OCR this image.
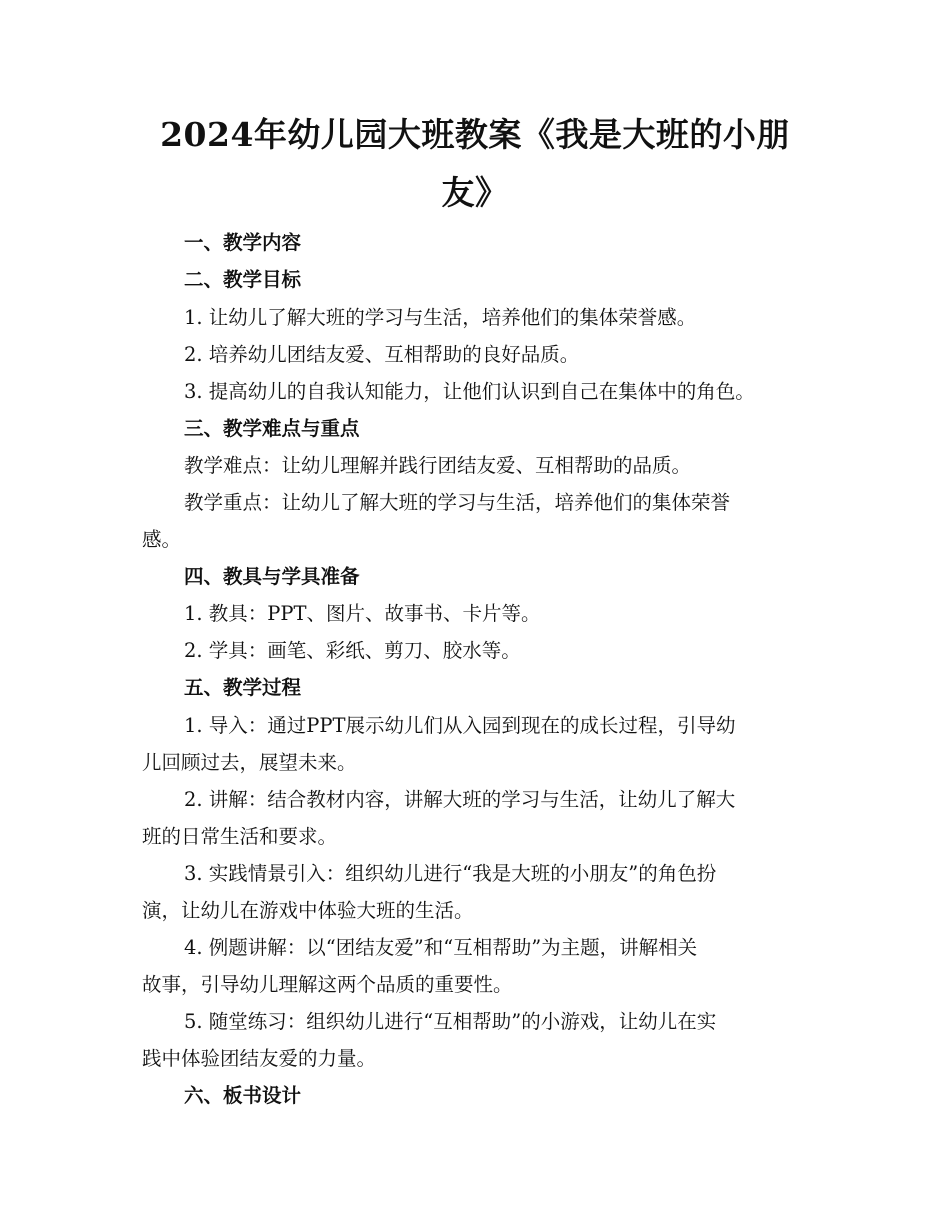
2024年幼儿园大班教案《我是大班的小朋
友》
一、教学内容
二、教学目标
1. 让幼儿了解大班的学习与生活，培养他们的集体荣誉感。
2. 培养幼儿团结友爱、互相帮助的良好品质。
3. 提高幼儿的自我认知能力，让他们认识到自己在集体中的角色。
三、教学难点与重点
教学难点：让幼儿理解并践行团结友爱、互相帮助的品质。
教学重点：让幼儿了解大班的学习与生活，培养他们的集体荣誉
感。
四、教具与学具准备
1. 教具：PPT、图片、故事书、卡片等。
2. 学具：画笔、彩纸、剪刀、胶水等。
五、教学过程
1. 导入：通过PPT展示幼儿们从入园到现在的成长过程，引导幼
儿回顾过去，展望未来。
2. 讲解：结合教材内容，讲解大班的学习与生活，让幼儿了解大
班的日常生活和要求。
3. 实践情景引入：组织幼儿进行“我是大班的小朋友”的角色扮
演，让幼儿在游戏中体验大班的生活。
4. 例题讲解：以“团结友爱”和“互相帮助”为主题，讲解相关
故事，引导幼儿理解这两个品质的重要性。
5. 随堂练习：组织幼儿进行“互相帮助”的小游戏，让幼儿在实
践中体验团结友爱的力量。
六、板书设计
